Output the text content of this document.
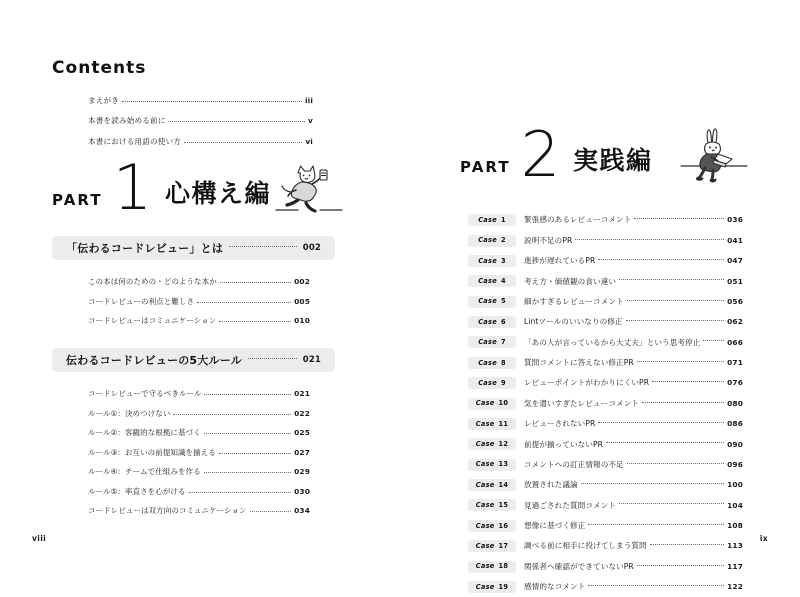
Contents
まえがき	iii
本書を読み始める前に	v
本書における用語の使い方	vi
PART 1 心構え編
「伝わるコードレビュー」とは	002
この本は何のための・どのような本か	002
コードレビューの利点と難しさ	005
コードレビューはコミュニケーション	010
伝わるコードレビューの5大ルール	021
コードレビューで守るべきルール	021
ルール①：決めつけない	022
ルール②：客観的な根拠に基づく	025
ルール③：お互いの前提知識を揃える	027
ルール④：チームで仕組みを作る	029
ルール⑤：率直さを心がける	030
コードレビューは双方向のコミュニケーション	034
viii
PART 2 実践編
Case 1 緊張感のあるレビューコメント	036
Case 2 説明不足のPR	041
Case 3 進捗が遅れているPR	047
Case 4 考え方・価値観の食い違い	051
Case 5 細かすぎるレビューコメント	056
Case 6 Lintツールのいいなりの修正	062
Case 7 「あの人が言っているから大丈夫」という思考停止	066
Case 8 質問コメントに答えない修正PR	071
Case 9 レビューポイントがわかりにくいPR	076
Case 10 気を遣いすぎたレビューコメント	080
Case 11 レビューされないPR	086
Case 12 前提が揃っていないPR	090
Case 13 コメントへの訂正情報の不足	096
Case 14 放置された議論	100
Case 15 見過ごされた質問コメント	104
Case 16 想像に基づく修正	108
Case 17 調べる前に相手に投げてしまう質問	113
Case 18 関係者へ確認ができていないPR	117
Case 19 感情的なコメント	122
ix
